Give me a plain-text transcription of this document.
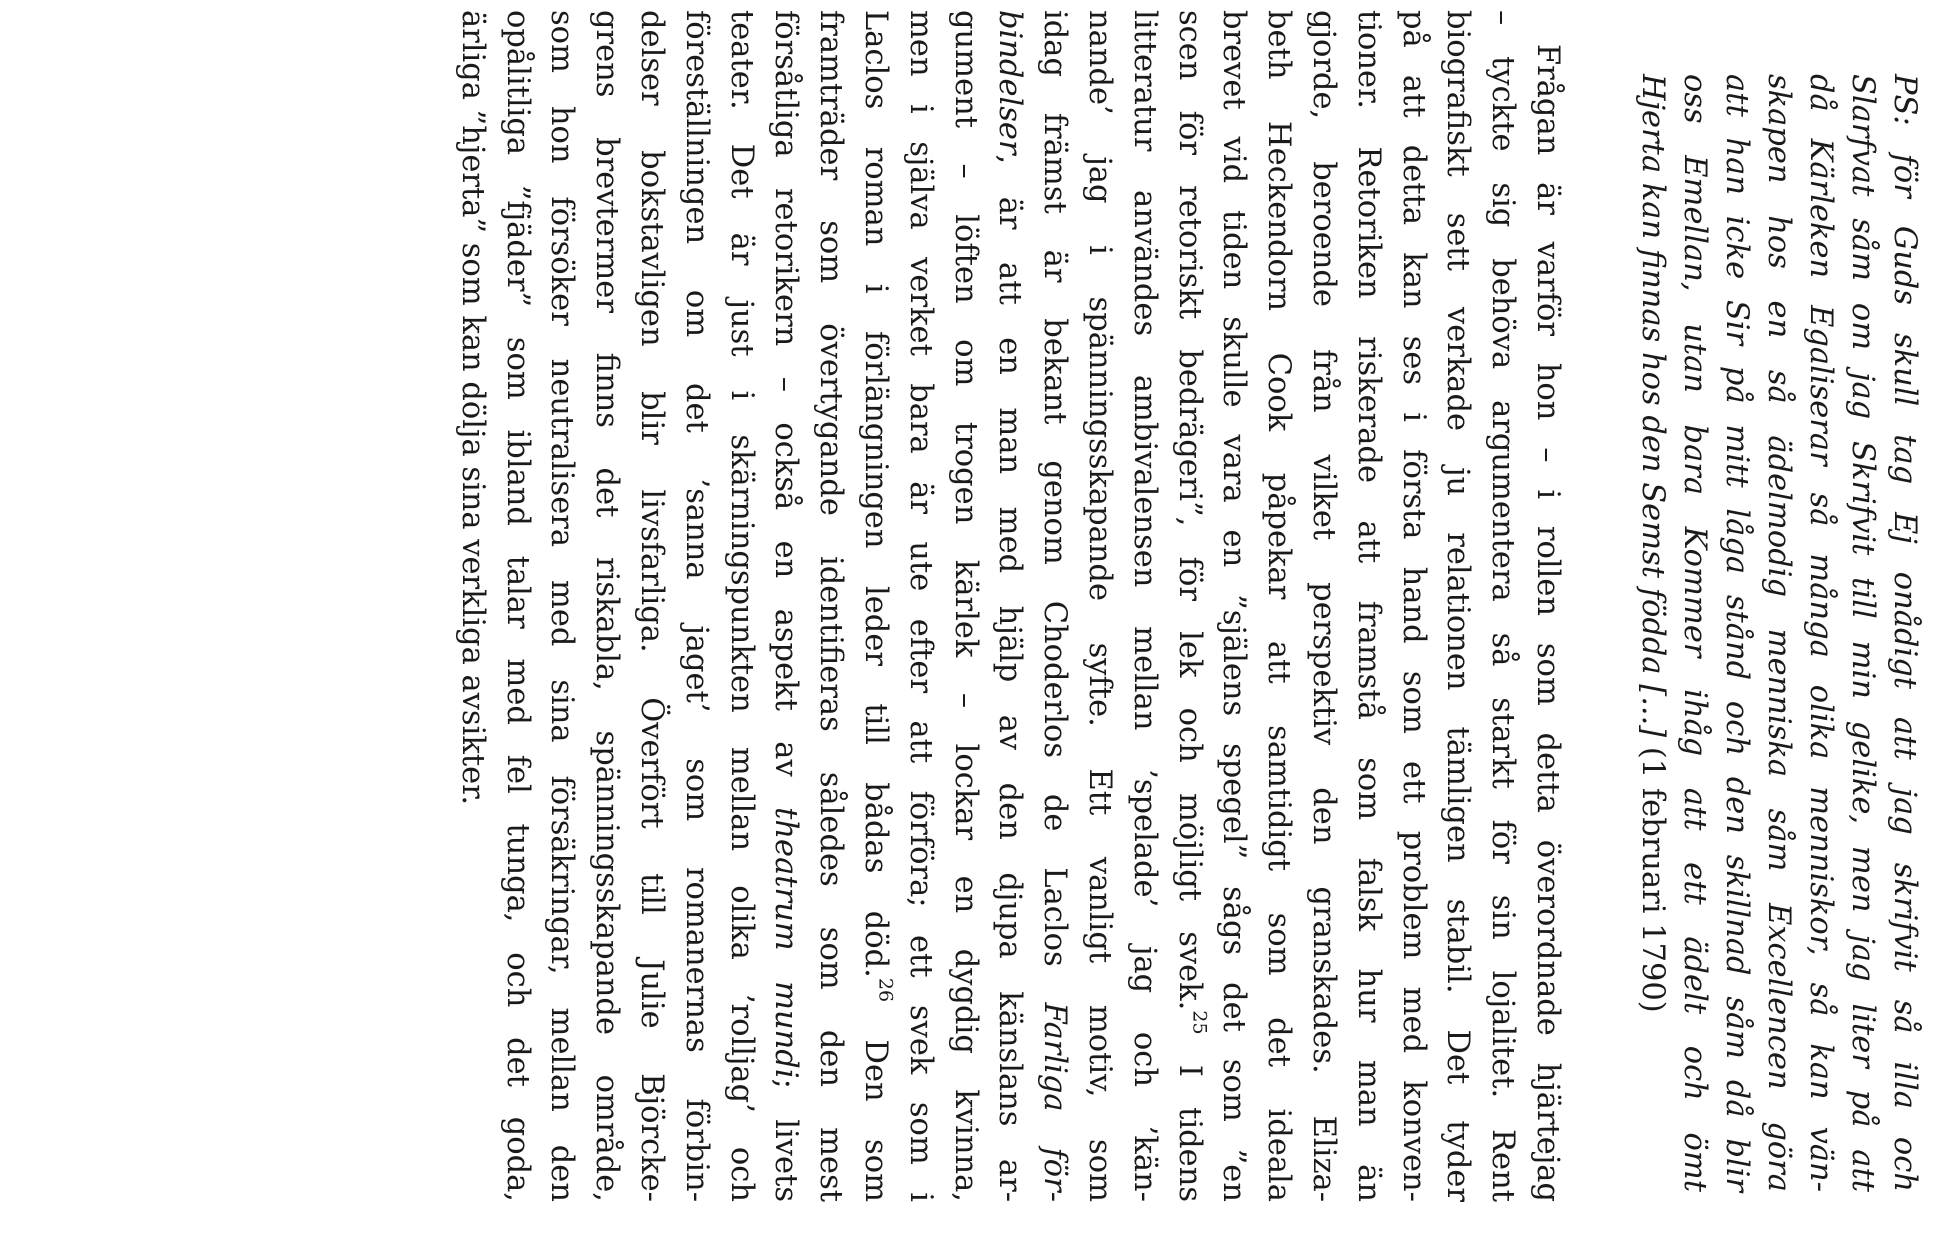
PS: för Guds skull tag Ej onådigt att jag skrifvit så illa och
Slarfvat såm om jag Skrifvit till min gelike, men jag liter på att
då Kärleken Egaliserar så många olika menniskor, så kan vän-
skapen hos en så ädelmodig menniska såm Excellencen göra
att han icke Sir på mitt låga stånd och den skillnad såm då blir
oss Emellan, utan bara Kommer ihåg att ett ädelt och ömt
Hjerta kan finnas hos den Semst födda [...] (1 februari 1790)
Frågan är varför hon – i rollen som detta överordnade hjärtejag
– tyckte sig behöva argumentera så starkt för sin lojalitet. Rent
biografiskt sett verkade ju relationen tämligen stabil. Det tyder
på att detta kan ses i första hand som ett problem med konven-
tioner. Retoriken riskerade att framstå som falsk hur man än
gjorde, beroende från vilket perspektiv den granskades. Eliza-
beth Heckendorn Cook påpekar att samtidigt som det ideala
brevet vid tiden skulle vara en ”själens spegel” sågs det som ”en
scen för retoriskt bedrägeri”, för lek och möjligt svek.$^{25}$ I tidens
litteratur användes ambivalensen mellan ’spelade’ jag och ’kän-
nande’ jag i spänningsskapande syfte. Ett vanligt motiv, som
idag främst är bekant genom Choderlos de Laclos Farliga för-
bindelser, är att en man med hjälp av den djupa känslans ar-
gument – löften om trogen kärlek – lockar en dygdig kvinna,
men i själva verket bara är ute efter att förföra; ett svek som i
Laclos roman i förlängningen leder till bådas död.$^{26}$ Den som
framträder som övertygande identifieras således som den mest
försåtliga retorikern – också en aspekt av theatrum mundi; livets
teater. Det är just i skärningspunkten mellan olika ’rolljag’ och
föreställningen om det ’sanna jaget’ som romanernas förbin-
delser bokstavligen blir livsfarliga. Överfört till Julie Björcke-
grens brevtermer finns det riskabla, spänningsskapande område,
som hon försöker neutralisera med sina försäkringar, mellan den
opålitliga ”fjäder” som ibland talar med fel tunga, och det goda,
ärliga ”hjerta” som kan dölja sina verkliga avsikter.
